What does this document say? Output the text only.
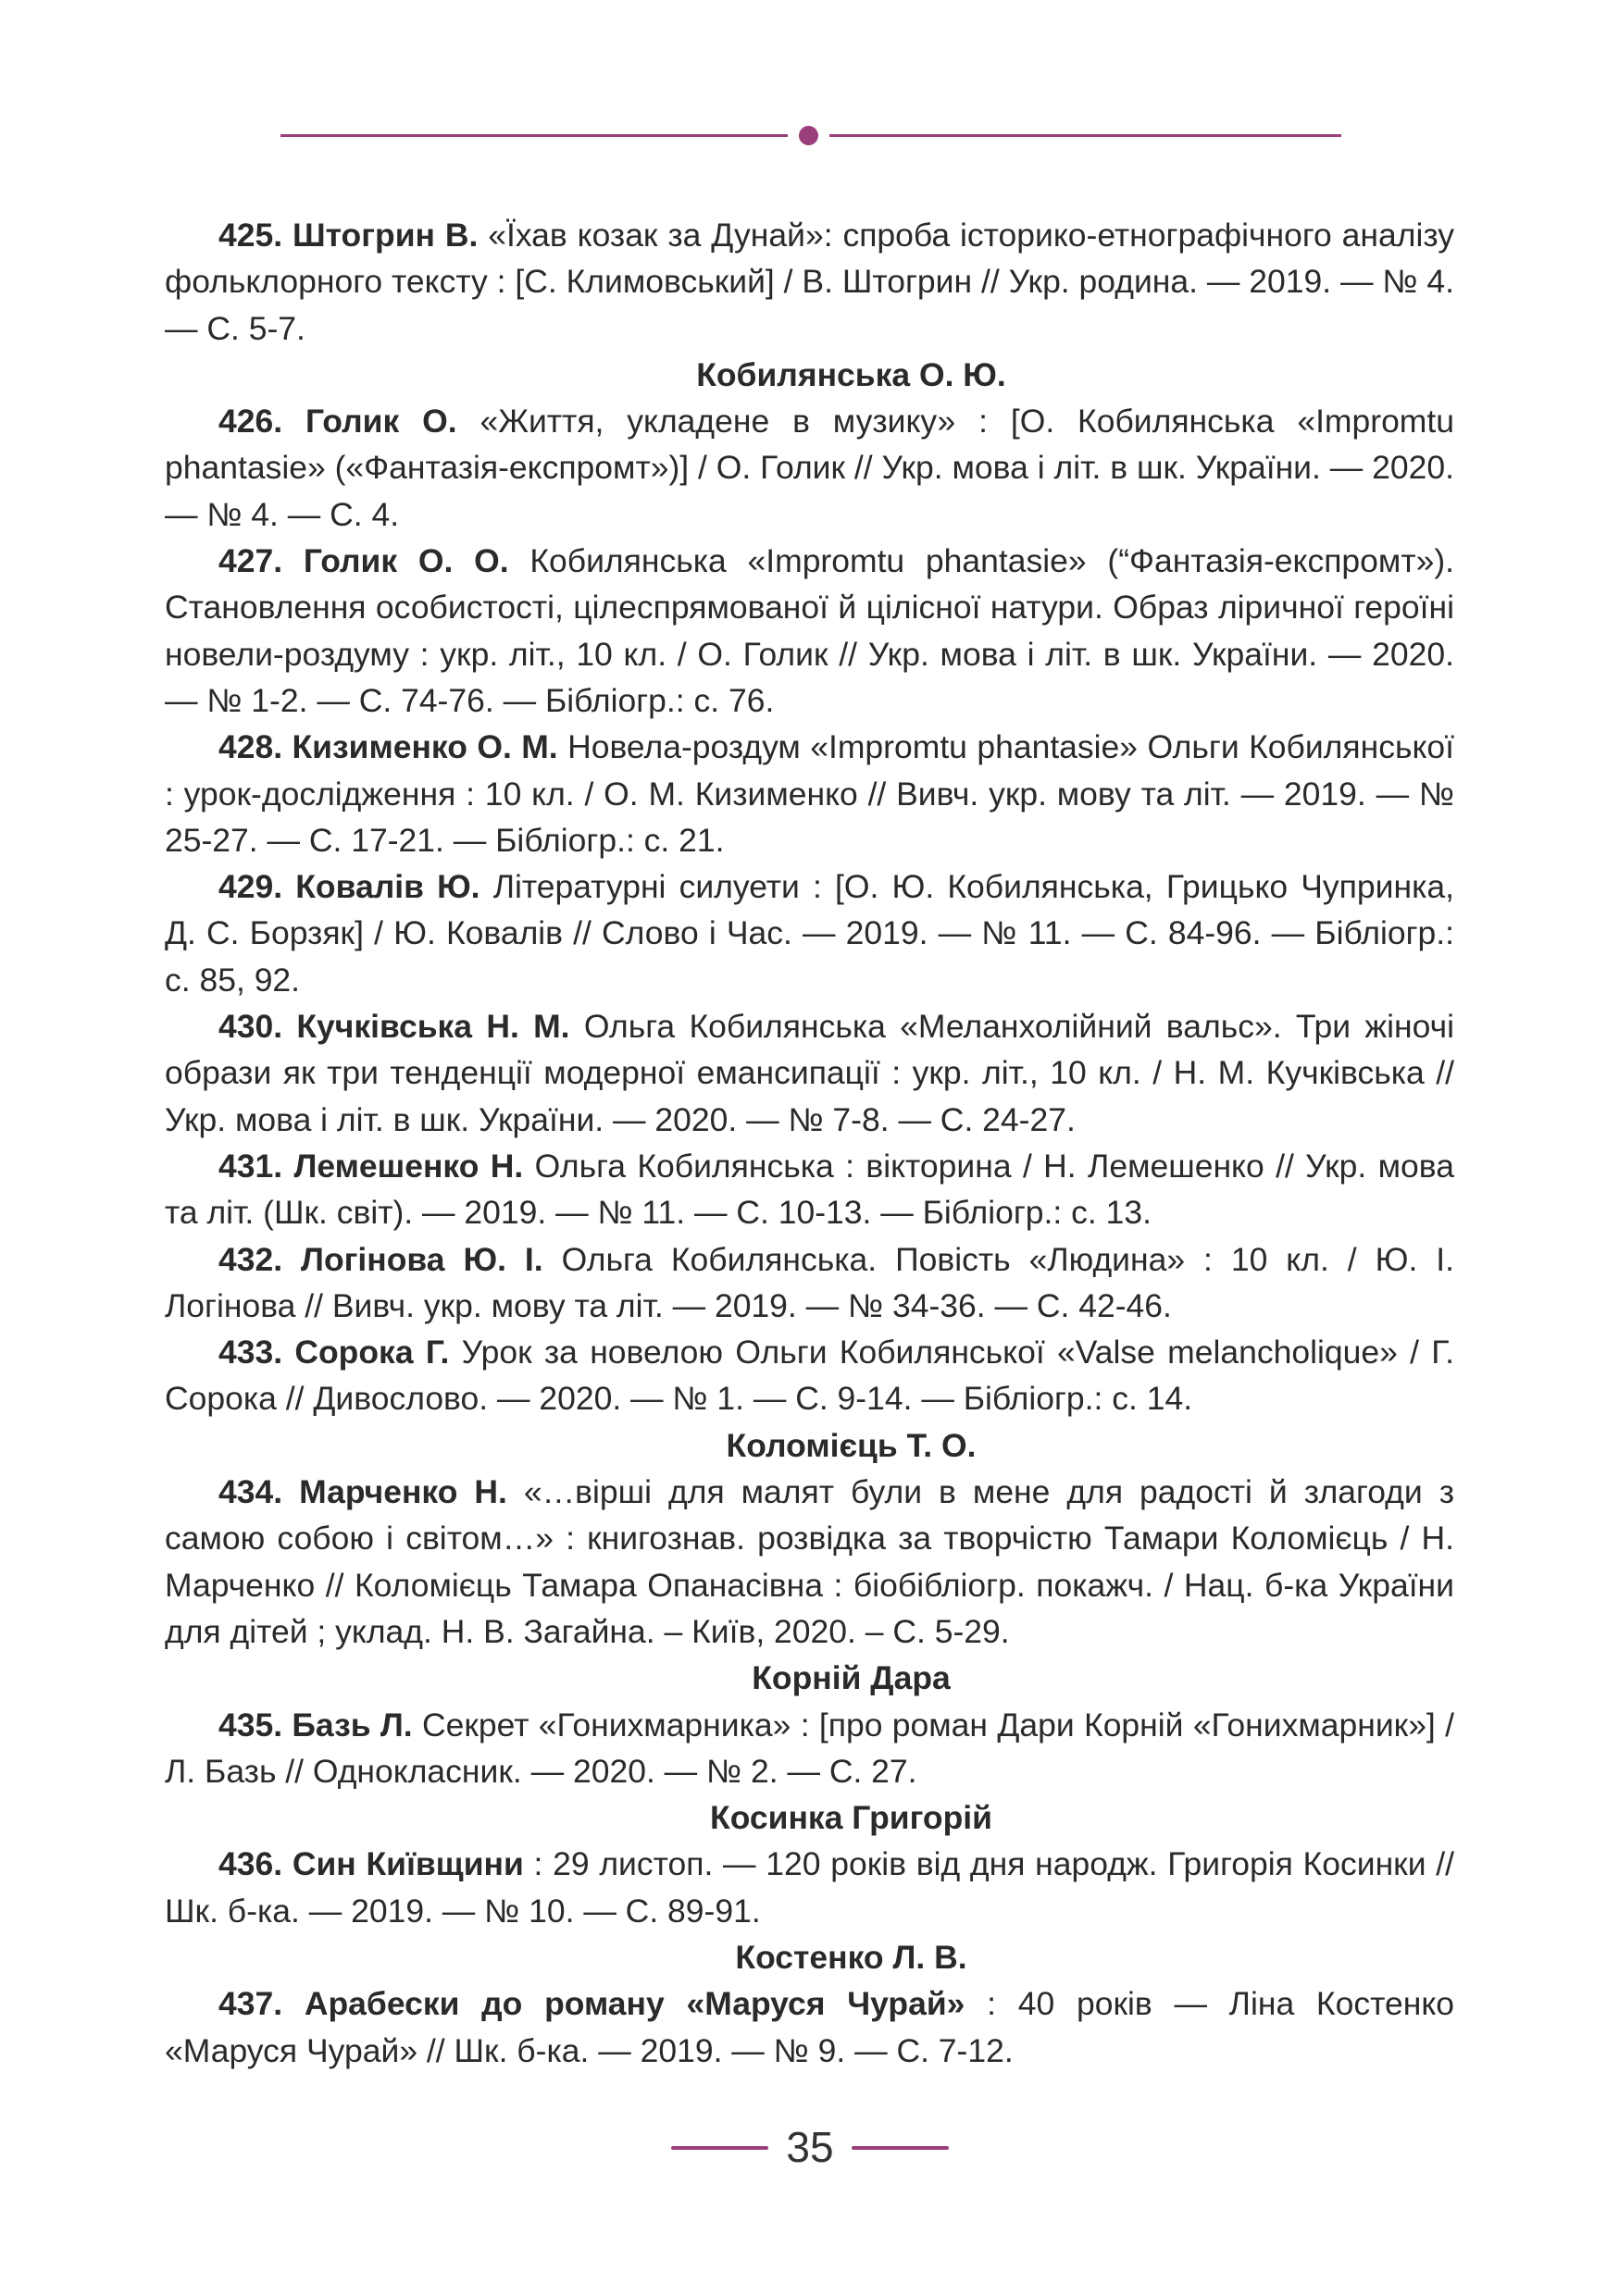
425. Штогрин В. «Їхав козак за Дунай»: спроба історико-етнографічного аналізу фольклорного тексту : [С. Климовський] / В. Штогрин // Укр. родина. — 2019. — № 4. — С. 5-7.

Кобилянська О. Ю.

426. Голик О. «Життя, укладене в музику» : [О. Кобилянська «Impromtu phantasie» («Фантазія-експромт»)] / О. Голик // Укр. мова і літ. в шк. України. — 2020. — № 4. — С. 4.

427. Голик О. О. Кобилянська «Impromtu phantasie» (“Фантазія-експромт»). Становлення особистості, цілеспрямованої й цілісної натури. Образ ліричної героїні новели-роздуму : укр. літ., 10 кл. / О. Голик // Укр. мова і літ. в шк. України. — 2020. — № 1-2. — С. 74-76. — Бібліогр.: с. 76.

428. Кизименко О. М. Новела-роздум «Impromtu phantasie» Ольги Кобилянської : урок-дослідження : 10 кл. / О. М. Кизименко // Вивч. укр. мову та літ. — 2019. — № 25-27. — С. 17-21. — Бібліогр.: с. 21.

429. Ковалів Ю. Літературні силуети : [О. Ю. Кобилянська, Грицько Чупринка, Д. С. Борзяк] / Ю. Ковалів // Слово і Час. — 2019. — № 11. — С. 84-96. — Бібліогр.: с. 85, 92.

430. Кучківська Н. М. Ольга Кобилянська «Меланхолійний вальс». Три жіночі образи як три тенденції модерної емансипації : укр. літ., 10 кл. / Н. М. Кучківська // Укр. мова і літ. в шк. України. — 2020. — № 7-8. — С. 24-27.

431. Лемешенко Н. Ольга Кобилянська : вікторина / Н. Лемешенко // Укр. мова та літ. (Шк. світ). — 2019. — № 11. — С. 10-13. — Бібліогр.: с. 13.

432. Логінова Ю. І. Ольга Кобилянська. Повість «Людина» : 10 кл. / Ю. І. Логінова // Вивч. укр. мову та літ. — 2019. — № 34-36. — С. 42-46.

433. Сорока Г. Урок за новелою Ольги Кобилянської «Valse melancholique» / Г. Сорока // Дивослово. — 2020. — № 1. — С. 9-14. — Бібліогр.: с. 14.

Коломієць Т. О.

434. Марченко Н. «…вірші для малят були в мене для радості й злагоди з самою собою і світом…» : книгознав. розвідка за творчістю Тамари Коломієць / Н. Марченко // Коломієць Тамара Опанасівна : біобібліогр. покажч. / Нац. б-ка України для дітей ; уклад. Н. В. Загайна. – Київ, 2020. – С. 5-29.

Корній Дара

435. Базь Л. Секрет «Гонихмарника» : [про роман Дари Корній «Гонихмарник»] / Л. Базь // Однокласник. — 2020. — № 2. — С. 27.

Косинка Григорій

436. Син Київщини : 29 листоп. — 120 років від дня народж. Григорія Косинки // Шк. б-ка. — 2019. — № 10. — С. 89-91.

Костенко Л. В.

437. Арабески до роману «Маруся Чурай» : 40 років — Ліна Костенко «Маруся Чурай» // Шк. б-ка. — 2019. — № 9. — С. 7-12.

35
